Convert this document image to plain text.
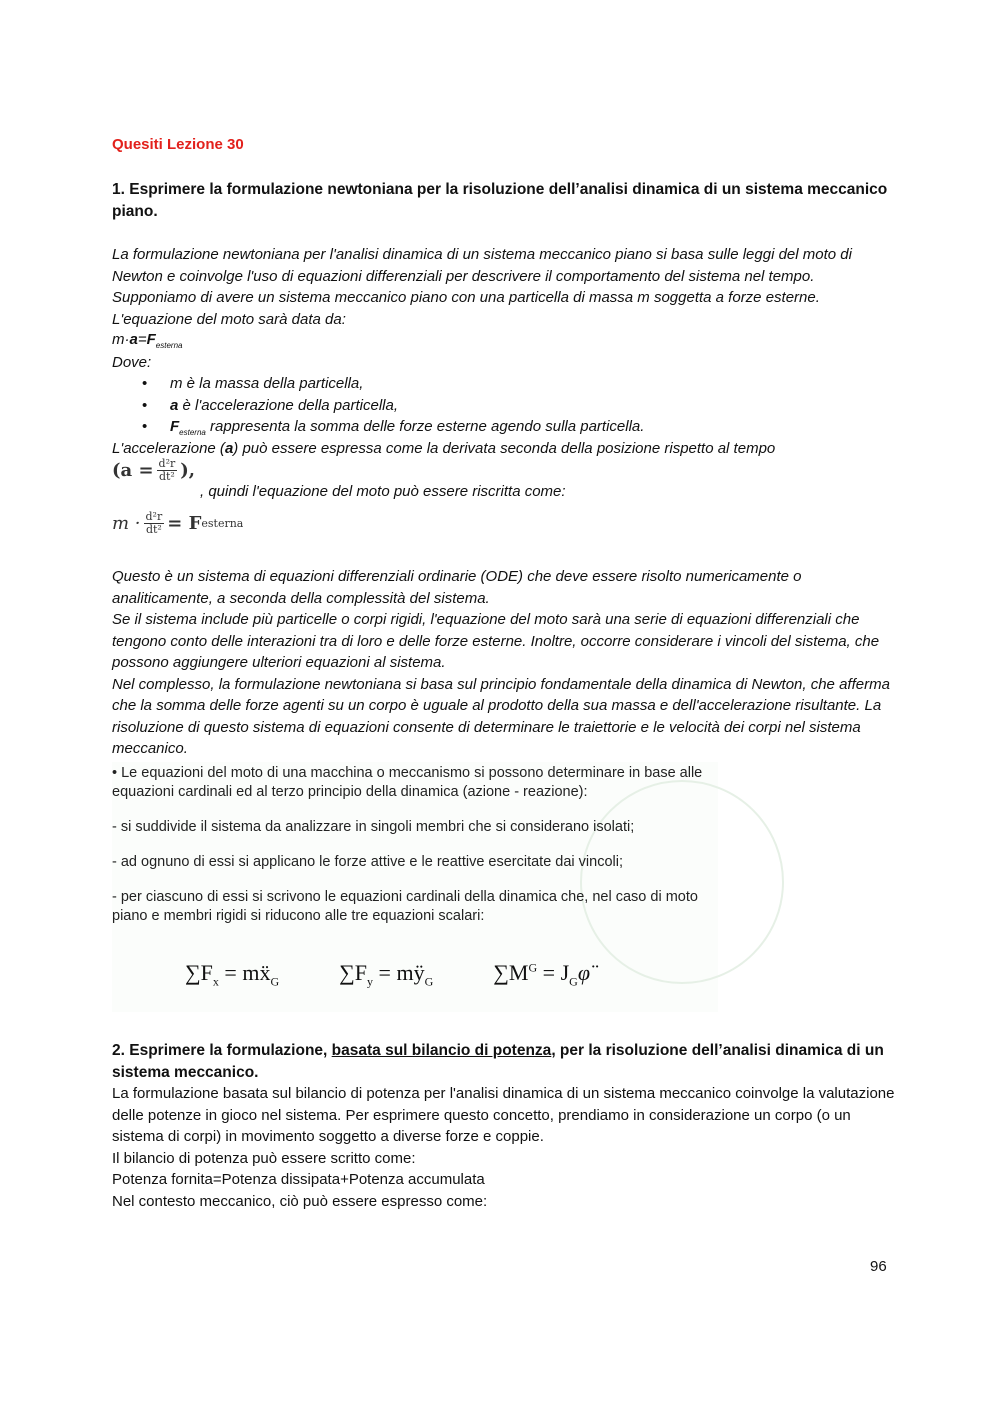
Quesiti Lezione 30
1. Esprimere la formulazione newtoniana per la risoluzione dell’analisi dinamica di un sistema meccanico piano.
La formulazione newtoniana per l'analisi dinamica di un sistema meccanico piano si basa sulle leggi del moto di Newton e coinvolge l'uso di equazioni differenziali per descrivere il comportamento del sistema nel tempo. Supponiamo di avere un sistema meccanico piano con una particella di massa m soggetta a forze esterne. L'equazione del moto sarà data da:
$m\cdot a=F_{esterna}$
Dove:
• m è la massa della particella,
• a è l'accelerazione della particella,
• $F_{esterna}$ rappresenta la somma delle forze esterne agendo sulla particella.
L'accelerazione (a) può essere espressa come la derivata seconda della posizione rispetto al tempo
($a = \frac{\text{d²r}}{\text{dt²}}$ ),
, quindi l'equazione del moto può essere riscritta come:
$m \cdot \frac{\text{d²r}}{\text{dt²}} = F$ esterna
Questo è un sistema di equazioni differenziali ordinarie (ODE) che deve essere risolto numericamente o analiticamente, a seconda della complessità del sistema.
Se il sistema include più particelle o corpi rigidi, l'equazione del moto sarà una serie di equazioni differenziali che tengono conto delle interazioni tra di loro e delle forze esterne. Inoltre, occorre considerare i vincoli del sistema, che possono aggiungere ulteriori equazioni al sistema.
Nel complesso, la formulazione newtoniana si basa sul principio fondamentale della dinamica di Newton, che afferma che la somma delle forze agenti su un corpo è uguale al prodotto della sua massa e dell'accelerazione risultante. La risoluzione di questo sistema di equazioni consente di determinare le traiettorie e le velocità dei corpi nel sistema meccanico.
• Le equazioni del moto di una macchina o meccanismo si possono determinare in base alle equazioni cardinali ed al terzo principio della dinamica (azione - reazione):
- si suddivide il sistema da analizzare in singoli membri che si considerano isolati;
- ad ognuno di essi si applicano le forze attive e le reattive esercitate dai vincoli;
- per ciascuno di essi si scrivono le equazioni cardinali della dinamica che, nel caso di moto piano e membri rigidi si riducono alle tre equazioni scalari:
$\sum F_x$ = mẍ$_G$	$\sum F_y$ = $mÿ_G$	$\sum M^G$ = $J_G\varphï$
2. Esprimere la formulazione, basata sul bilancio di potenza, per la risoluzione dell’analisi dinamica di un sistema meccanico.
La formulazione basata sul bilancio di potenza per l'analisi dinamica di un sistema meccanico coinvolge la valutazione delle potenze in gioco nel sistema. Per esprimere questo concetto, prendiamo in considerazione un corpo (o un sistema di corpi) in movimento soggetto a diverse forze e coppie.
Il bilancio di potenza può essere scritto come:
Potenza fornita=Potenza dissipata+Potenza accumulata
Nel contesto meccanico, ciò può essere espresso come:
96
